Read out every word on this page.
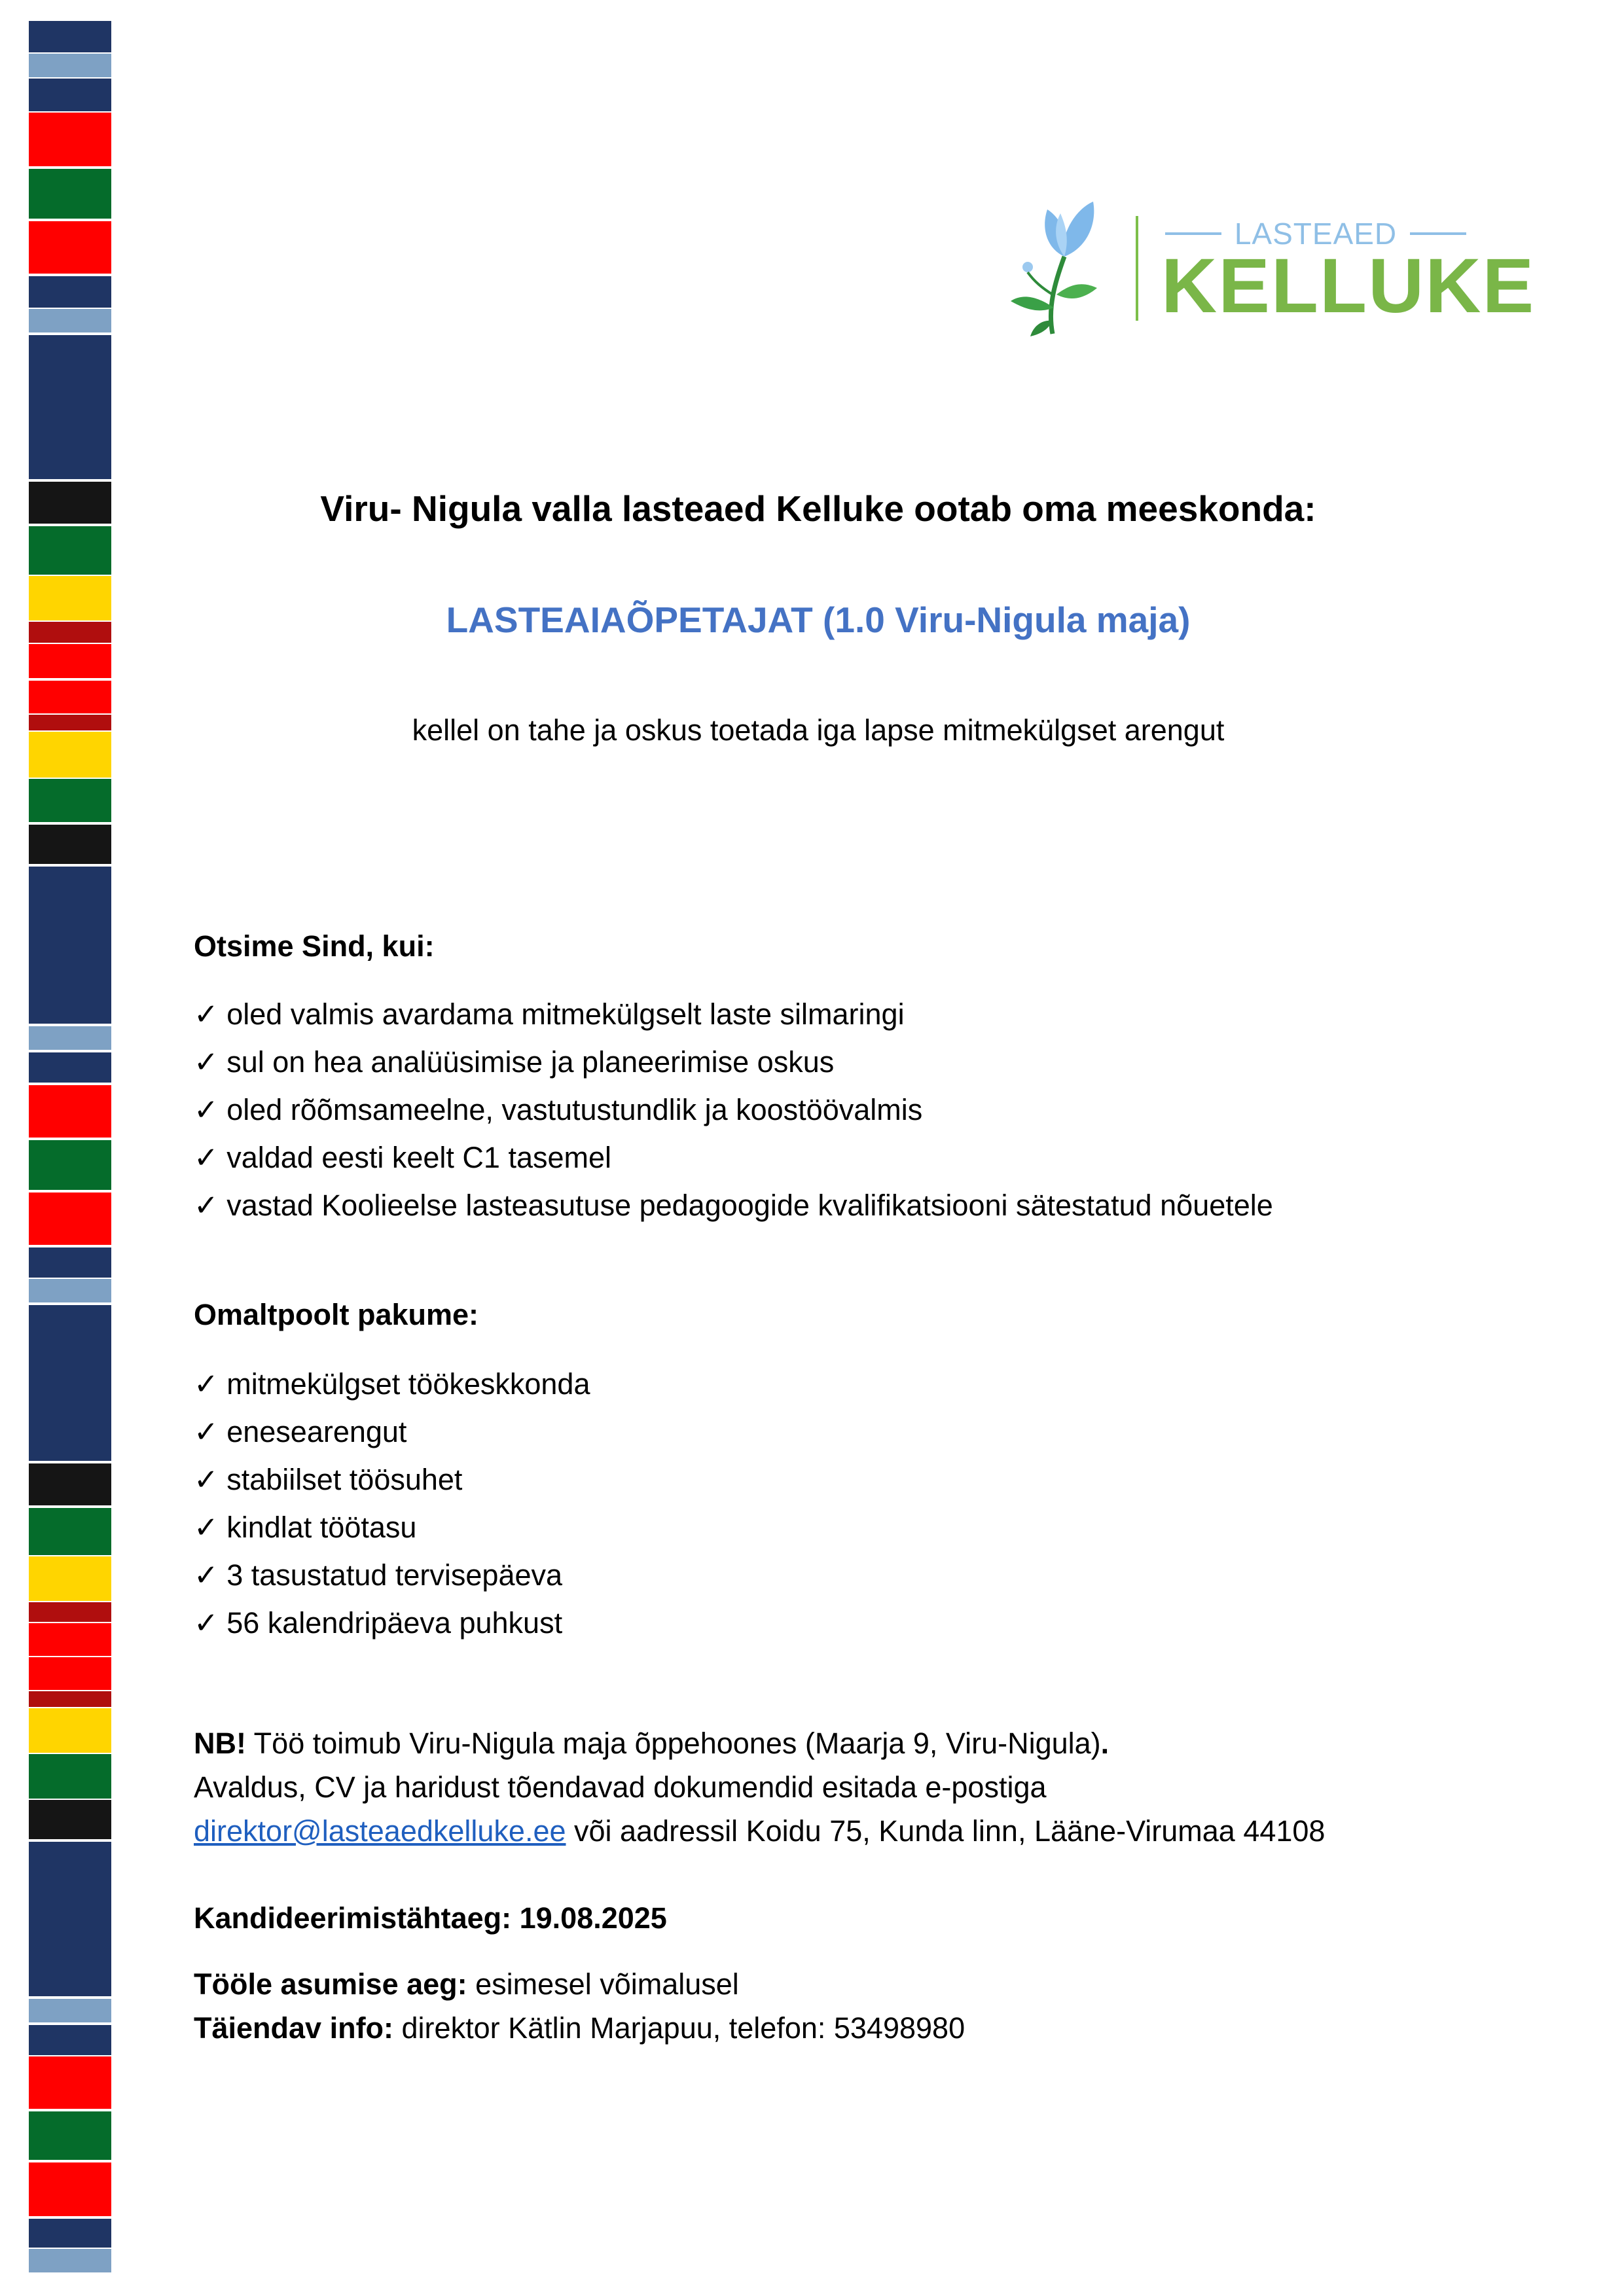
LASTEAED
KELLUKE
Viru- Nigula valla lasteaed Kelluke ootab oma meeskonda:
LASTEAIAÕPETAJAT (1.0 Viru-Nigula maja)
kellel on tahe ja oskus toetada iga lapse mitmekülgset arengut
Otsime Sind, kui:
✓ oled valmis avardama mitmekülgselt laste silmaringi
✓ sul on hea analüüsimise ja planeerimise oskus
✓ oled rõõmsameelne, vastutustundlik ja koostöövalmis
✓ valdad eesti keelt C1 tasemel
✓ vastad Koolieelse lasteasutuse pedagoogide kvalifikatsiooni sätestatud nõuetele
Omaltpoolt pakume:
✓ mitmekülgset töökeskkonda
✓ enesearengut
✓ stabiilset töösuhet
✓ kindlat töötasu
✓ 3 tasustatud tervisepäeva
✓ 56 kalendripäeva puhkust
NB! Töö toimub Viru-Nigula maja õppehoones (Maarja 9, Viru-Nigula).
Avaldus, CV ja haridust tõendavad dokumendid esitada e-postiga
direktor@lasteaedkelluke.ee või aadressil Koidu 75, Kunda linn, Lääne-Virumaa 44108
Kandideerimistähtaeg: 19.08.2025
Tööle asumise aeg: esimesel võimalusel
Täiendav info: direktor Kätlin Marjapuu, telefon: 53498980
